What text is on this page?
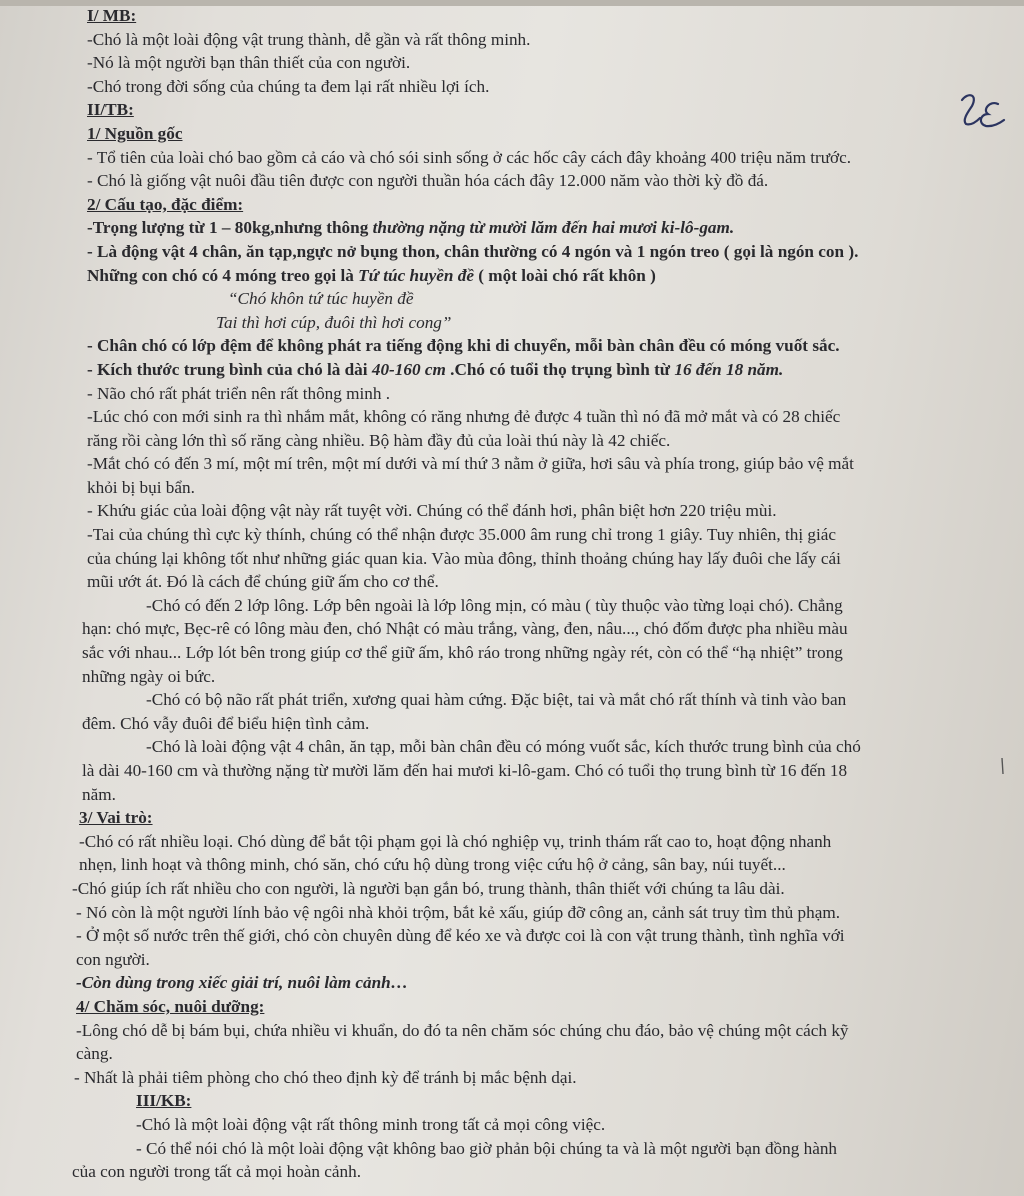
I/ MB:
-Chó là một loài động vật trung thành, dễ gần và rất thông minh.
-Nó là một người bạn thân thiết của con người.
-Chó trong đời sống của chúng ta đem lại rất nhiều lợi ích.
II/TB:
1/ Nguồn gốc
- Tổ tiên của loài chó bao gồm cả cáo và chó sói sinh sống ở các hốc cây cách đây khoảng 400 triệu năm trước.
- Chó là giống vật nuôi đầu tiên được con người thuần hóa cách đây 12.000 năm vào thời kỳ đồ đá.
2/ Cấu tạo, đặc điểm:
-Trọng lượng từ 1 – 80kg,nhưng thông thường nặng từ mười lăm đến hai mươi ki-lô-gam.
- Là động vật 4 chân, ăn tạp,ngực nở bụng thon, chân thường có 4 ngón và 1 ngón treo ( gọi là ngón con ).
Những con chó có 4 móng treo gọi là Tứ túc huyền đề ( một loài chó rất khôn )
“Chó khôn tứ túc huyền đề
Tai thì hơi cúp, đuôi thì hơi cong”
- Chân chó có lớp đệm để không phát ra tiếng động khi di chuyển, mỗi bàn chân đều có móng vuốt sắc.
- Kích thước trung bình của chó là dài 40-160 cm .Chó có tuổi thọ trụng bình từ 16 đến 18 năm.
- Não chó rất phát triển nên rất thông minh .
-Lúc chó con mới sinh ra thì nhắm mắt, không có răng nhưng đẻ được 4 tuần thì nó đã mở mắt và có 28 chiếc
răng rồi càng lớn thì số răng càng nhiều. Bộ hàm đầy đủ của loài thú này là 42 chiếc.
-Mắt chó có đến 3 mí, một mí trên, một mí dưới và mí thứ 3 nằm ở giữa, hơi sâu và phía trong, giúp bảo vệ mắt
khỏi bị bụi bẩn.
- Khứu giác của loài động vật này rất tuyệt vời. Chúng có thể đánh hơi, phân biệt hơn 220 triệu mùi.
-Tai của chúng thì cực kỳ thính, chúng có thể nhận được 35.000 âm rung chỉ trong 1 giây. Tuy nhiên, thị giác
của chúng lại không tốt như những giác quan kia. Vào mùa đông, thỉnh thoảng chúng hay lấy đuôi che lấy cái
mũi ướt át. Đó là cách để chúng giữ ấm cho cơ thể.
-Chó có đến 2 lớp lông. Lớp bên ngoài là lớp lông mịn, có màu ( tùy thuộc vào từng loại chó). Chẳng
hạn: chó mực, Bẹc-rê có lông màu đen, chó Nhật có màu trắng, vàng, đen, nâu..., chó đốm được pha nhiều màu
sắc với nhau... Lớp lót bên trong giúp cơ thể giữ ấm, khô ráo trong những ngày rét, còn có thể “hạ nhiệt” trong
những ngày oi bức.
-Chó có bộ não rất phát triển, xương quai hàm cứng. Đặc biệt, tai và mắt chó rất thính và tinh vào ban
đêm. Chó vẫy đuôi để biểu hiện tình cảm.
-Chó là loài động vật 4 chân, ăn tạp, mỗi bàn chân đều có móng vuốt sắc, kích thước trung bình của chó
là dài 40-160 cm và thường nặng từ mười lăm đến hai mươi ki-lô-gam. Chó có tuổi thọ trung bình từ 16 đến 18
năm.
3/ Vai trò:
-Chó có rất nhiều loại. Chó dùng để bắt tội phạm gọi là chó nghiệp vụ, trinh thám rất cao to, hoạt động nhanh
nhẹn, linh hoạt và thông minh, chó săn, chó cứu hộ dùng trong việc cứu hộ ở cảng, sân bay, núi tuyết...
-Chó giúp ích rất nhiều cho con người, là người bạn gắn bó, trung thành, thân thiết với chúng ta lâu dài.
- Nó còn là một người lính bảo vệ ngôi nhà khỏi trộm, bắt kẻ xấu, giúp đỡ công an, cảnh sát truy tìm thủ phạm.
- Ở một số nước trên thế giới, chó còn chuyên dùng để kéo xe và được coi là con vật trung thành, tình nghĩa với
con người.
-Còn dùng trong xiếc giải trí, nuôi làm cảnh…
4/ Chăm sóc, nuôi dưỡng:
-Lông chó dễ bị bám bụi, chứa nhiều vi khuẩn, do đó ta nên chăm sóc chúng chu đáo, bảo vệ chúng một cách kỹ
càng.
- Nhất là phải tiêm phòng cho chó theo định kỳ để tránh bị mắc bệnh dại.
III/KB:
-Chó là một loài động vật rất thông minh trong tất cả mọi công việc.
- Có thể nói chó là một loài động vật không bao giờ phản bội chúng ta và là một người bạn đồng hành
của con người trong tất cả mọi hoàn cảnh.
